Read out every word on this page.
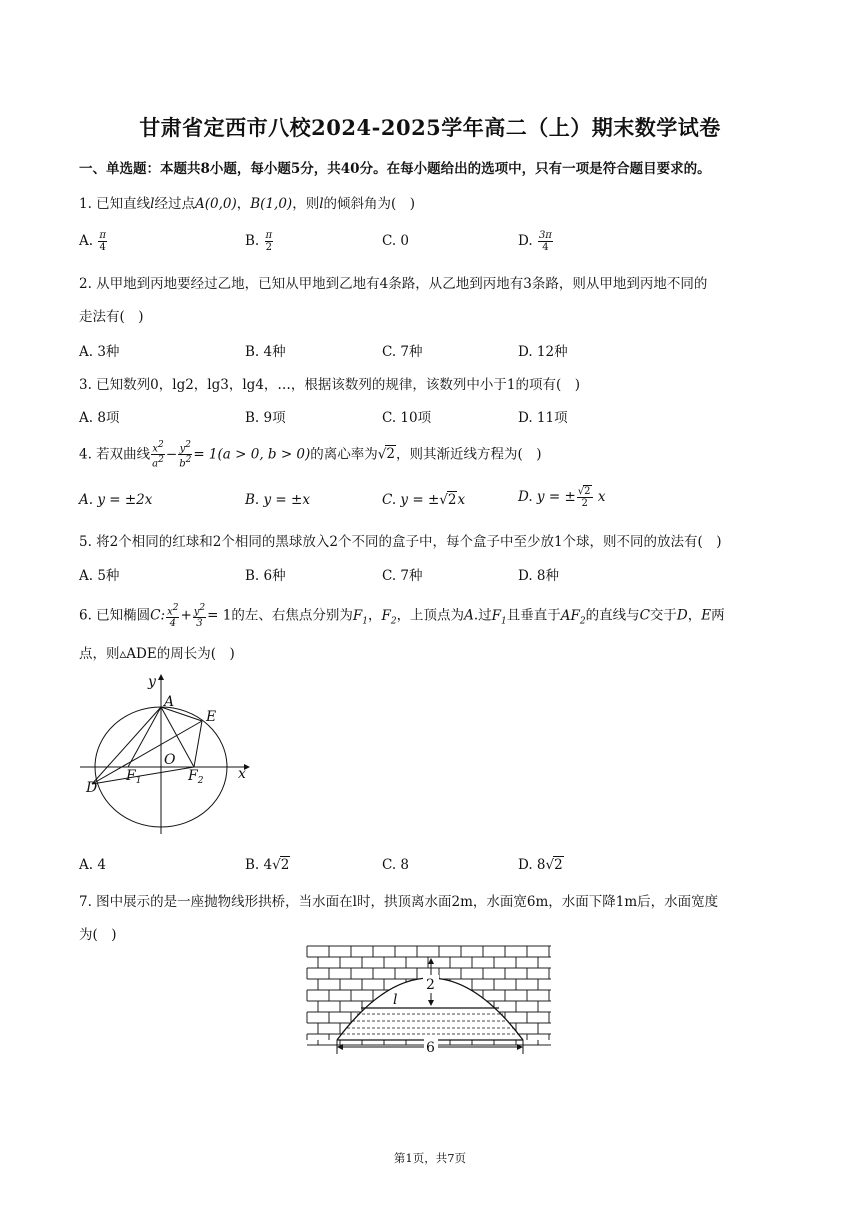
甘肃省定西市八校2024-2025学年高二（上）期末数学试卷
一、单选题：本题共8小题，每小题5分，共40分。在每小题给出的选项中，只有一项是符合题目要求的。
1. 已知直线l经过点A(0,0)，B(1,0)，则l的倾斜角为(　)
A. $\frac{\pi}{4}$	B. $\frac{\pi}{2}$	C. 0	D. $\frac{3\pi}{4}$
2. 从甲地到丙地要经过乙地，已知从甲地到乙地有4条路，从乙地到丙地有3条路，则从甲地到丙地不同的
走法有(　)
A. 3种	B. 4种	C. 7种	D. 12种
3. 已知数列0，lg2，lg3，lg4，…，根据该数列的规律，该数列中小于1的项有(　)
A. 8项	B. 9项	C. 10项	D. 11项
4. 若双曲线 $\frac{x^2}{a^2} - \frac{y^2}{b^2} = 1(a > 0$, b > 0)的离心率为√2，则其渐近线方程为(　)
A. y = ±2x	B. y = ±x	C. y = ±√2x	D. y = ± $\frac{√2}{2}$ x
5. 将2个相同的红球和2个相同的黑球放入2个不同的盒子中，每个盒子中至少放1个球，则不同的放法有(　)
A. 5种	B. 6种	C. 7种	D. 8种
6. 已知椭圆C: $\frac{x^2}{4} + \frac{y^2}{3} = 1$的左、右焦点分别为$F_1$，$F_2$，上顶点为A.过$F_1$且垂直于$AF_2$的直线与C交于D，E两
点，则▵ADE的周长为(　)
y
x
A
E
O
D
$F_1$	$F_2$
A. 4	B. 4√2	C. 8	D. 8√2
7. 图中展示的是一座抛物线形拱桥，当水面在l时，拱顶离水面2m，水面宽6m，水面下降1m后，水面宽度
为(　)
2
6
l
第1页，共7页
